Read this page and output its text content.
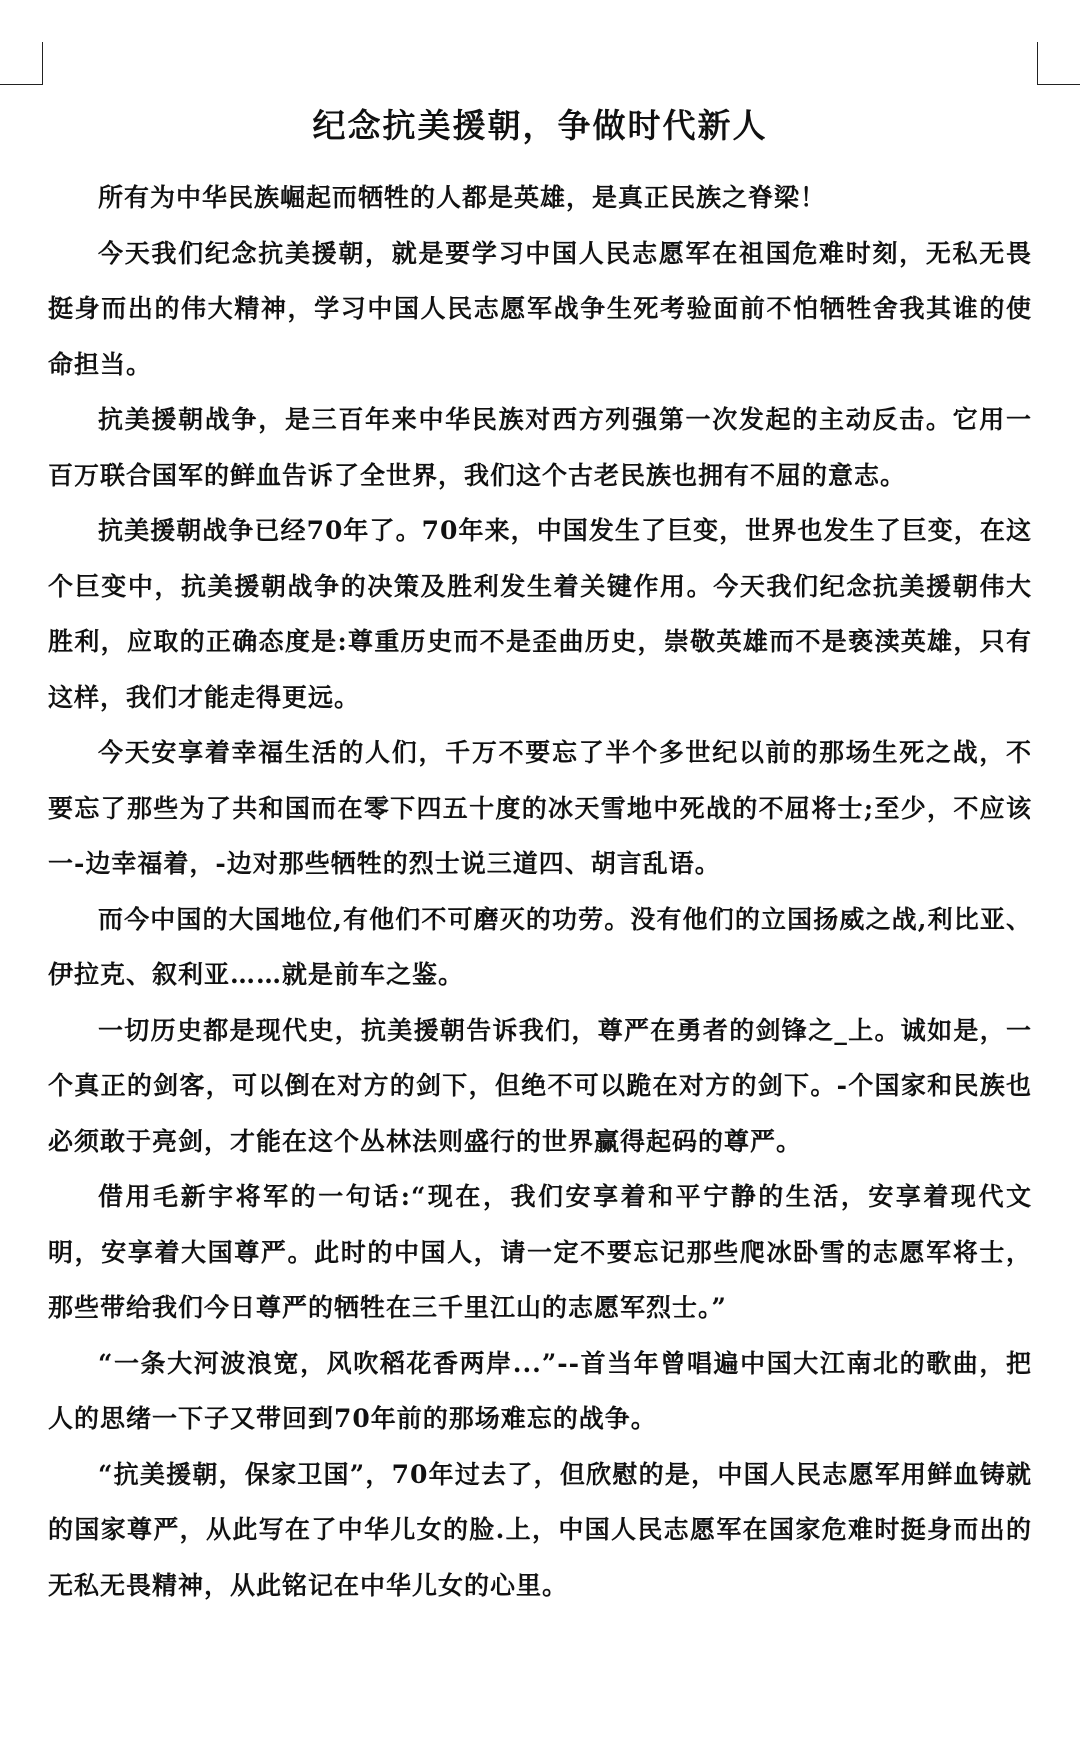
纪念抗美援朝，争做时代新人

所有为中华民族崛起而牺牲的人都是英雄，是真正民族之脊梁！

今天我们纪念抗美援朝，就是要学习中国人民志愿军在祖国危难时刻，无私无畏挺身而出的伟大精神，学习中国人民志愿军战争生死考验面前不怕牺牲舍我其谁的使命担当。

抗美援朝战争，是三百年来中华民族对西方列强第一次发起的主动反击。它用一百万联合国军的鲜血告诉了全世界，我们这个古老民族也拥有不屈的意志。

抗美援朝战争已经70年了。70年来，中国发生了巨变，世界也发生了巨变，在这个巨变中，抗美援朝战争的决策及胜利发生着关键作用。今天我们纪念抗美援朝伟大胜利，应取的正确态度是:尊重历史而不是歪曲历史，崇敬英雄而不是亵渎英雄，只有这样，我们才能走得更远。

今天安享着幸福生活的人们，千万不要忘了半个多世纪以前的那场生死之战，不要忘了那些为了共和国而在零下四五十度的冰天雪地中死战的不屈将士;至少，不应该一-边幸福着，-边对那些牺牲的烈士说三道四、胡言乱语。

而今中国的大国地位,有他们不可磨灭的功劳。没有他们的立国扬威之战,利比亚、伊拉克、叙利亚……就是前车之鉴。

一切历史都是现代史，抗美援朝告诉我们，尊严在勇者的剑锋之_上。诚如是，一个真正的剑客，可以倒在对方的剑下，但绝不可以跪在对方的剑下。-个国家和民族也必须敢于亮剑，才能在这个丛林法则盛行的世界赢得起码的尊严。

借用毛新宇将军的一句话:“现在，我们安享着和平宁静的生活，安享着现代文明，安享着大国尊严。此时的中国人，请一定不要忘记那些爬冰卧雪的志愿军将士，那些带给我们今日尊严的牺牲在三千里江山的志愿军烈士。”

“一条大河波浪宽，风吹稻花香两岸...”--首当年曾唱遍中国大江南北的歌曲，把人的思绪一下子又带回到70年前的那场难忘的战争。

“抗美援朝，保家卫国”，70年过去了，但欣慰的是，中国人民志愿军用鲜血铸就的国家尊严，从此写在了中华儿女的脸.上，中国人民志愿军在国家危难时挺身而出的无私无畏精神，从此铭记在中华儿女的心里。
